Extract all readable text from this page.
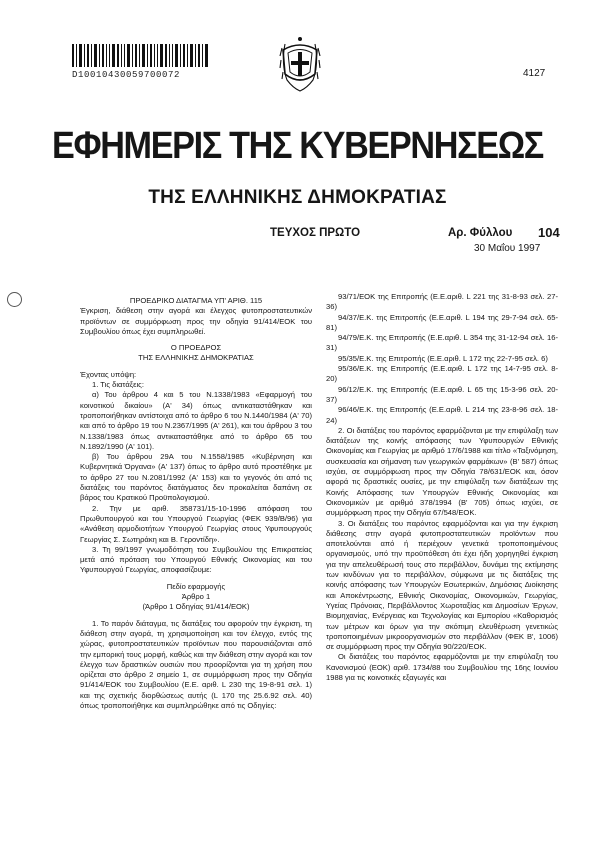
D10010430059700072	4127
ΕΦΗΜΕΡΙΣ ΤΗΣ ΚΥΒΕΡΝΗΣΕΩΣ
ΤΗΣ ΕΛΛΗΝΙΚΗΣ ΔΗΜΟΚΡΑΤΙΑΣ
ΤΕΥΧΟΣ ΠΡΩΤΟ	Αρ. Φύλλου 104
30 Μαΐου 1997

ΠΡΟΕΔΡΙΚΟ ΔΙΑΤΑΓΜΑ ΥΠ' ΑΡΙΘ. 115

Έγκριση, διάθεση στην αγορά και έλεγχος φυτοπροστατευτικών προϊόντων σε συμμόρφωση προς την οδηγία 91/414/ΕΟΚ του Συμβουλίου όπως έχει συμπληρωθεί.

Ο ΠΡΟΕΔΡΟΣ

ΤΗΣ ΕΛΛΗΝΙΚΗΣ ΔΗΜΟΚΡΑΤΙΑΣ

Έχοντας υπόψη:

1. Τις διατάξεις:

α) Του άρθρου 4 και 5 του Ν.1338/1983 «Εφαρμογή του κοινοτικού δικαίου» (Α' 34) όπως αντικαταστάθηκαν και τροποποιήθηκαν αντίστοιχα από το άρθρο 6 του Ν.1440/1984 (Α' 70) και από το άρθρο 19 του Ν.2367/1995 (Α' 261), και του άρθρου 3 του Ν.1338/1983 όπως αντικαταστάθηκε από το άρθρο 65 του Ν.1892/1990 (Α' 101).

β) Του άρθρου 29Α του Ν.1558/1985 «Κυβέρνηση και Κυβερνητικά Όργανα» (Α' 137) όπως το άρθρο αυτό προστέθηκε με το άρθρο 27 του Ν.2081/1992 (Α' 153) και το γεγονός ότι από τις διατάξεις του παρόντος διατάγματος δεν προκαλείται δαπάνη σε βάρος του Κρατικού Προϋπολογισμού.

2. Την με αριθ. 358731/15-10-1996 απόφαση του Πρωθυπουργού και του Υπουργού Γεωργίας (ΦΕΚ 939/Β/96) για «Ανάθεση αρμοδιοτήτων Υπουργού Γεωργίας στους Υφυπουργούς Γεωργίας Σ. Σωτηράκη και Β. Γεροντίδη».

3. Τη 99/1997 γνωμοδότηση του Συμβουλίου της Επικρατείας μετά από πρόταση του Υπουργού Εθνικής Οικονομίας και του Υφυπουργού Γεωργίας, αποφασίζουμε:

Πεδίο εφαρμογής

Άρθρο 1

(Άρθρο 1 Οδηγίας 91/414/ΕΟΚ)

1. Το παρόν διάταγμα, τις διατάξεις του αφορούν την έγκριση, τη διάθεση στην αγορά, τη χρησιμοποίηση και τον έλεγχο, εντός της χώρας, φυτοπροστατευτικών προϊόντων που παρουσιάζονται από την εμπορική τους μορφή, καθώς και την διάθεση στην αγορά και τον έλεγχο των δραστικών ουσιών που προορίζονται για τη χρήση που ορίζεται στο άρθρο 2 σημείο 1, σε συμμόρφωση προς την Οδηγία 91/414/ΕΟΚ του Συμβουλίου (Ε.Ε. αριθ. L 230 της 19-8-91 σελ. 1) και της σχετικής διορθώσεως αυτής (L 170 της 25.6.92 σελ. 40) όπως τροποποιήθηκε και συμπληρώθηκε από τις Οδηγίες:

93/71/ΕΟΚ της Επιτροπής (Ε.Ε.αριθ. L 221 της 31-8-93 σελ. 27-36)
94/37/Ε.Κ. της Επιτροπής (Ε.Ε.αριθ. L 194 της 29-7-94 σελ. 65-81)
94/79/Ε.Κ. της Επιτροπής (Ε.Ε.αριθ. L 354 της 31-12-94 σελ. 16-31)
95/35/Ε.Κ. της Επιτροπής (Ε.Ε.αριθ. L 172 της 22-7-95 σελ. 6)
95/36/Ε.Κ. της Επιτροπής (Ε.Ε.αριθ. L 172 της 14-7-95 σελ. 8-20)
96/12/Ε.Κ. της Επιτροπής (Ε.Ε.αριθ. L 65 της 15-3-96 σελ. 20-37)
96/46/Ε.Κ. της Επιτροπής (Ε.Ε.αριθ. L 214 της 23-8-96 σελ. 18-24)

2. Οι διατάξεις του παρόντος εφαρμόζονται με την επιφύλαξη των διατάξεων της κοινής απόφασης των Υφυπουργών Εθνικής Οικονομίας και Γεωργίας με αριθμό 17/6/1988 και τίτλο «Ταξινόμηση, συσκευασία και σήμανση των γεωργικών φαρμάκων» (Β' 587) όπως ισχύει, σε συμμόρφωση προς την Οδηγία 78/631/ΕΟΚ και, όσον αφορά τις δραστικές ουσίες, με την επιφύλαξη των διατάξεων της Κοινής Απόφασης των Υπουργών Εθνικής Οικονομίας και Οικονομικών με αριθμό 378/1994 (Β' 705) όπως ισχύει, σε συμμόρφωση προς την Οδηγία 67/548/ΕΟΚ.

3. Οι διατάξεις του παρόντος εφαρμόζονται και για την έγκριση διάθεσης στην αγορά φυτοπροστατευτικών προϊόντων που αποτελούνται από ή περιέχουν γενετικά τροποποιημένους οργανισμούς, υπό την προϋπόθεση ότι έχει ήδη χορηγηθεί έγκριση για την απελευθέρωσή τους στο περιβάλλον, δυνάμει της εκτίμησης των κινδύνων για το περιβάλλον, σύμφωνα με τις διατάξεις της κοινής απόφασης των Υπουργών Εσωτερικών, Δημόσιας Διοίκησης και Αποκέντρωσης, Εθνικής Οικονομίας, Οικονομικών, Γεωργίας, Υγείας Πρόνοιας, Περιβάλλοντος Χωροταξίας και Δημοσίων Έργων, Βιομηχανίας, Ενέργειας και Τεχνολογίας και Εμπορίου «Καθορισμός των μέτρων και όρων για την σκόπιμη ελευθέρωση γενετικώς τροποποιημένων μικροοργανισμών στο περιβάλλον (ΦΕΚ Β', 1006) σε συμμόρφωση προς την Οδηγία 90/220/ΕΟΚ.

Οι διατάξεις του παρόντος εφαρμόζονται με την επιφύλαξη του Κανονισμού (ΕΟΚ) αριθ. 1734/88 του Συμβουλίου της 16ης Ιουνίου 1988 για τις κοινοτικές εξαγωγές και
